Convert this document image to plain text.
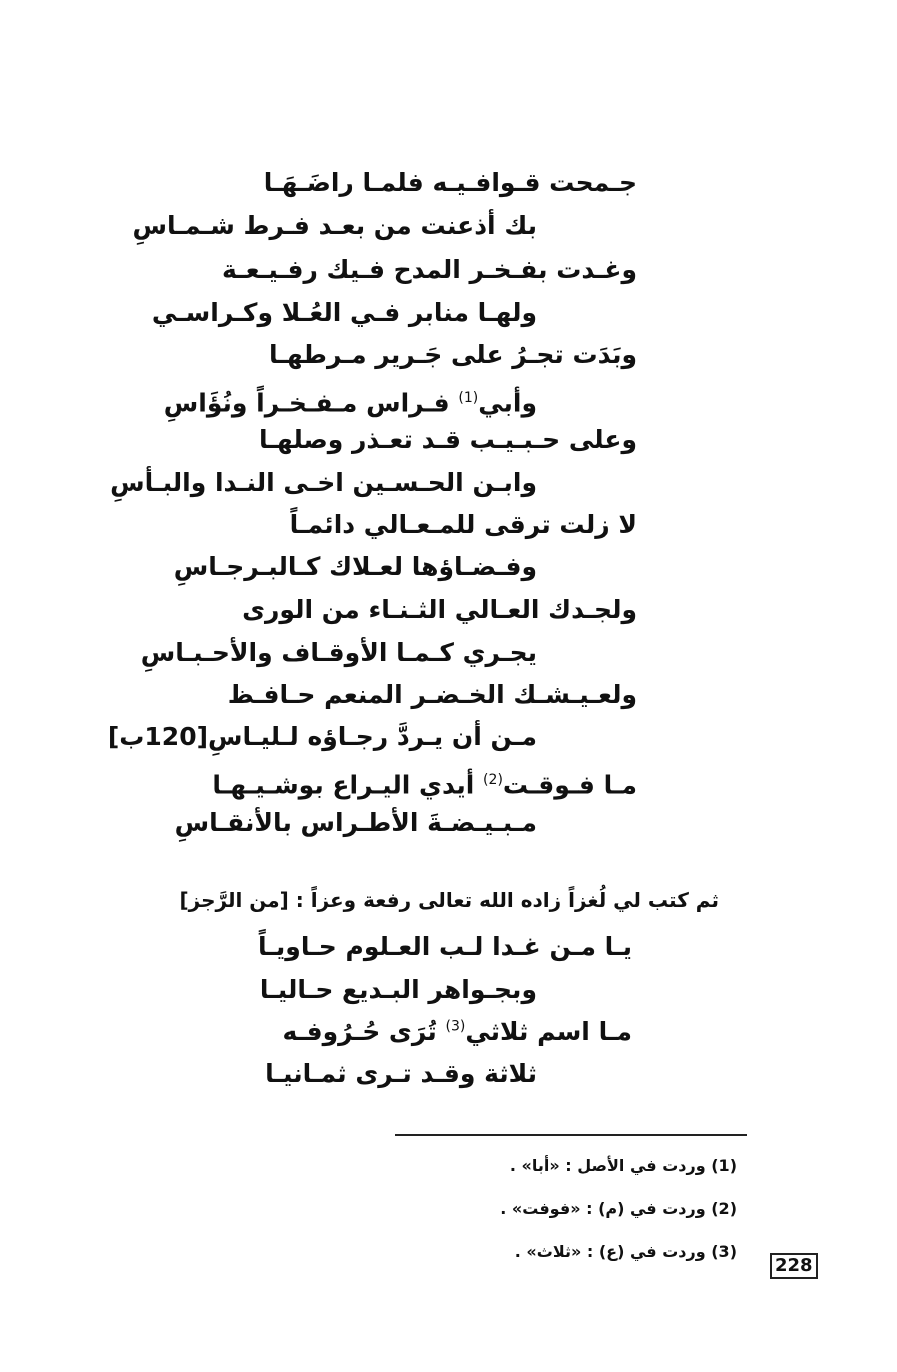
جـمحت قـوافـيـه فلمـا راضَـهَـا
بك أذعنت من بعـد فـرط شـمـاسِ
وغـدت بفـخـر المدح فـيك رفـيـعـة
ولهـا منابر فـي العُـلا وكـراسـي
وبَدَت تجـرُ على جَـرير مـرطهـا
وأبي$^{(1)}$ فـراس مـفـخـراً ونُؤَاسِ
وعلى حـبـيـب قـد تعـذر وصلهـا
وابـن الحـسـين اخـى النـدا والبـأسِ
لا زلت ترقى للمـعـالي دائمـاً
وفـضـاؤها لعـلاك كـالبـرجـاسِ
ولجـدك العـالي الثـنـاء من الورى
يجـري كـمـا الأوقـاف والأحـبـاسِ
ولعـيـشـك الخـضـر المنعم حـافـظ
مـن أن يـردَّ رجـاؤه لـليـاسِ[120ب]
مـا فـوقـت$^{(2)}$ أيدي اليـراع بوشـيـهـا
مـبـيـضـةَ الأطـراس بالأنقـاسِ
ثم كتب لي لُغزاً زاده الله تعالى رفعة وعزاً : [من الرَّجز]
يـا مـن غـدا لـب العـلوم حـاويـاً
وبجـواهر البـديع حـاليـا
مـا اسم ثلاثي$^{(3)}$ تُرَى حُـرُوفـه
ثلاثة وقـد تـرى ثمـانيـا
(1) وردت في الأصل : «أبا» .
(2) وردت في (م) : «فوفت» .
(3) وردت في (ع) : «ثلاث» .
228
